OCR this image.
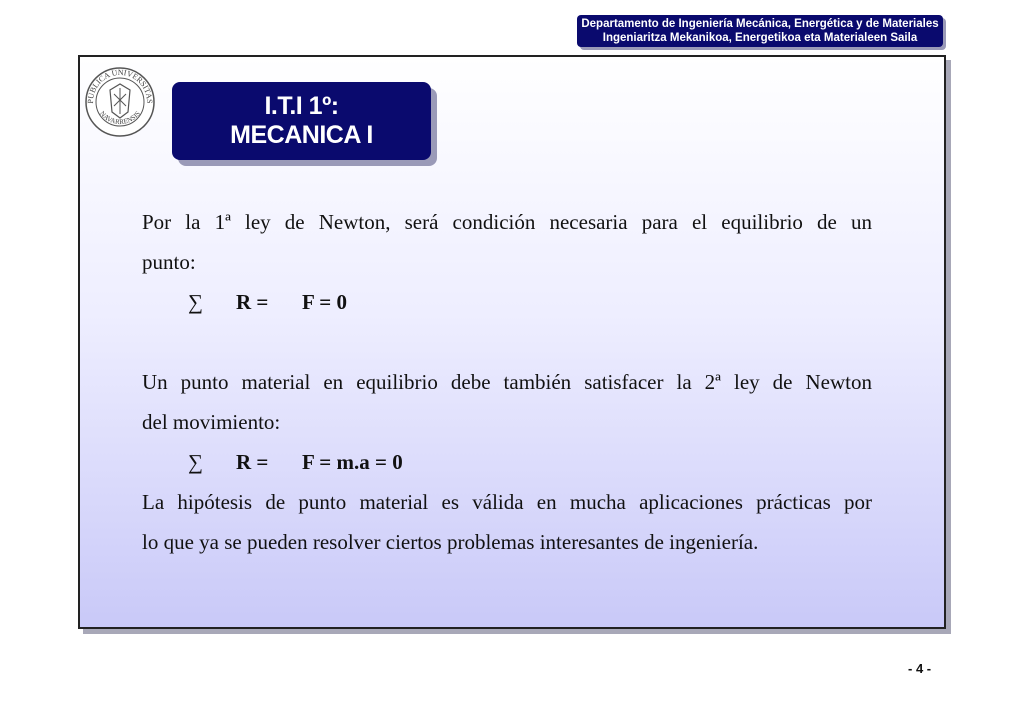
Departamento de Ingeniería Mecánica, Energética y de Materiales
Ingeniaritza Mekanikoa, Energetikoa eta Materialeen Saila
PUBLICA UNIVERSITAS
NAVARRENSIS	I.T.I 1º:
MECANICA I
Por la 1ª ley de Newton, será condición necesaria para el equilibrio de un
punto:
∑ R = F = 0
Un punto material en equilibrio debe también satisfacer la 2ª ley de Newton
del movimiento:
∑ R = F = m.a = 0
La hipótesis de punto material es válida en mucha aplicaciones prácticas por
lo que ya se pueden resolver ciertos problemas interesantes de ingeniería.
- 4 -
